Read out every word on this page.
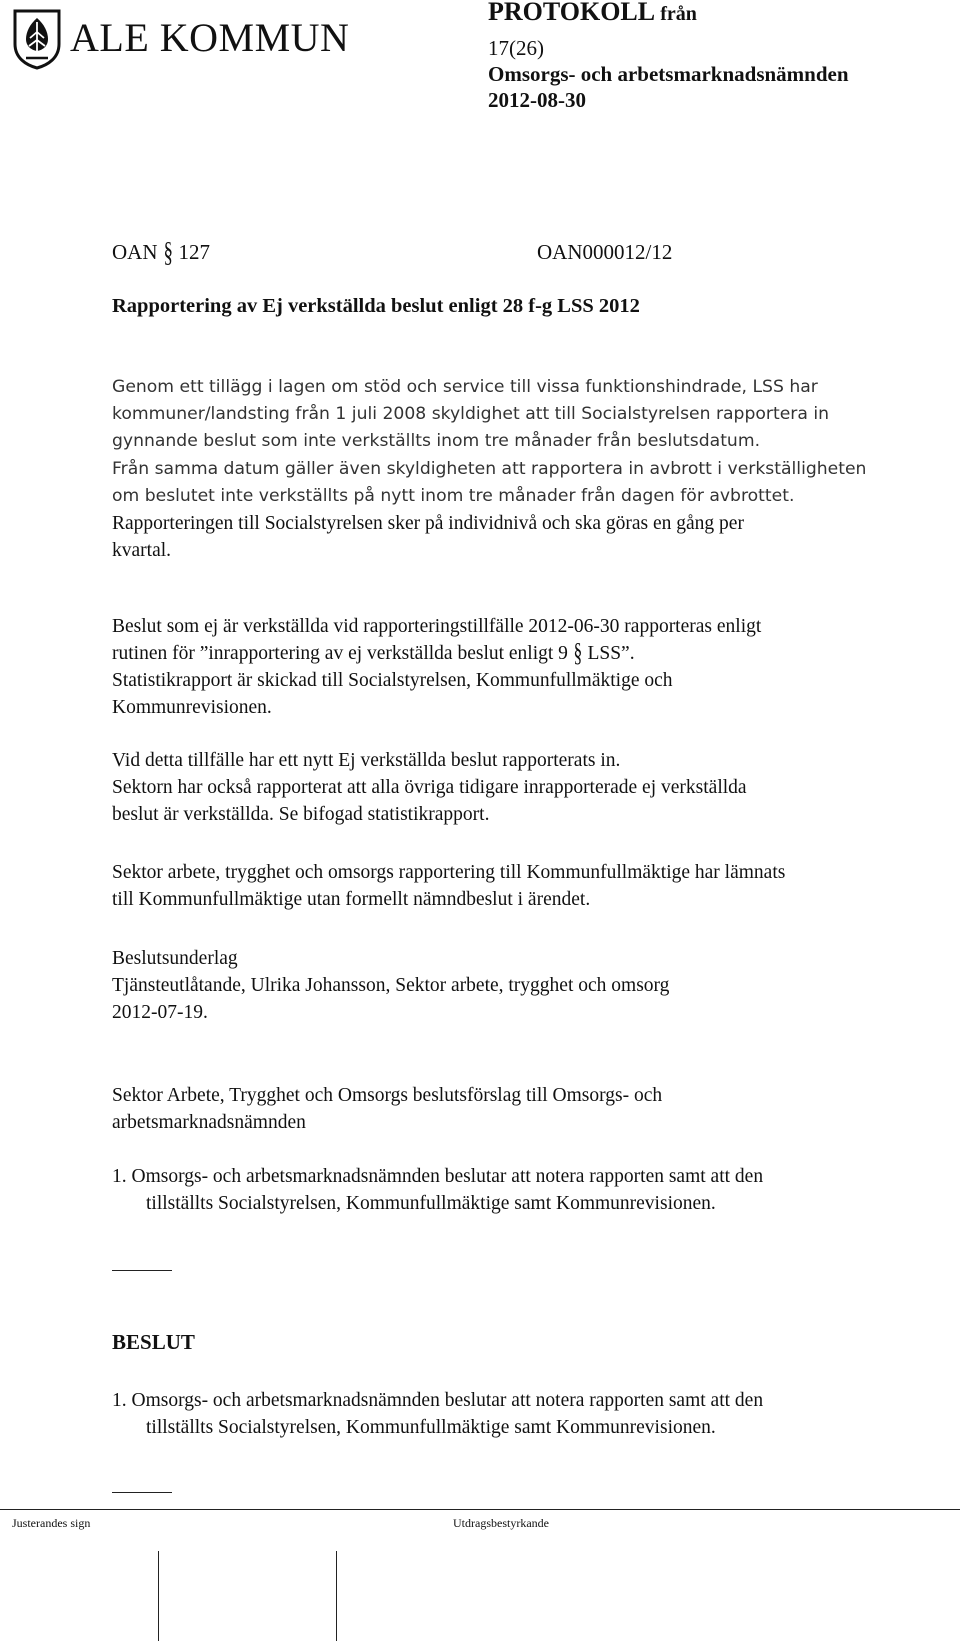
ALE KOMMUN
PROTOKOLL från
17(26)
Omsorgs- och arbetsmarknadsnämnden
2012-08-30
OAN § 127	OAN000012/12
Rapportering av Ej verkställda beslut enligt 28 f-g LSS 2012

Genom ett tillägg i lagen om stöd och service till vissa funktionshindrade, LSS har

kommuner/landsting från 1 juli 2008 skyldighet att till Socialstyrelsen rapportera in

gynnande beslut som inte verkställts inom tre månader från beslutsdatum.

Från samma datum gäller även skyldigheten att rapportera in avbrott i verkställigheten

om beslutet inte verkställts på nytt inom tre månader från dagen för avbrottet.

Rapporteringen till Socialstyrelsen sker på individnivå och ska göras en gång per

kvartal.

Beslut som ej är verkställda vid rapporteringstillfälle 2012-06-30 rapporteras enligt

rutinen för ”inrapportering av ej verkställda beslut enligt 9 § LSS”.

Statistikrapport är skickad till Socialstyrelsen, Kommunfullmäktige och

Kommunrevisionen.

Vid detta tillfälle har ett nytt Ej verkställda beslut rapporterats in.
Sektorn har också rapporterat att alla övriga tidigare inrapporterade ej verkställda
beslut är verkställda. Se bifogad statistikrapport.
Sektor arbete, trygghet och omsorgs rapportering till Kommunfullmäktige har lämnats
till Kommunfullmäktige utan formellt nämndbeslut i ärendet.
Beslutsunderlag
Tjänsteutlåtande, Ulrika Johansson, Sektor arbete, trygghet och omsorg
2012-07-19.
Sektor Arbete, Trygghet och Omsorgs beslutsförslag till Omsorgs- och
arbetsmarknadsnämnden
1. Omsorgs- och arbetsmarknadsnämnden beslutar att notera rapporten samt att den
tillställts Socialstyrelsen, Kommunfullmäktige samt Kommunrevisionen.
BESLUT
1. Omsorgs- och arbetsmarknadsnämnden beslutar att notera rapporten samt att den
tillställts Socialstyrelsen, Kommunfullmäktige samt Kommunrevisionen.
Justerandes sign	Utdragsbestyrkande
